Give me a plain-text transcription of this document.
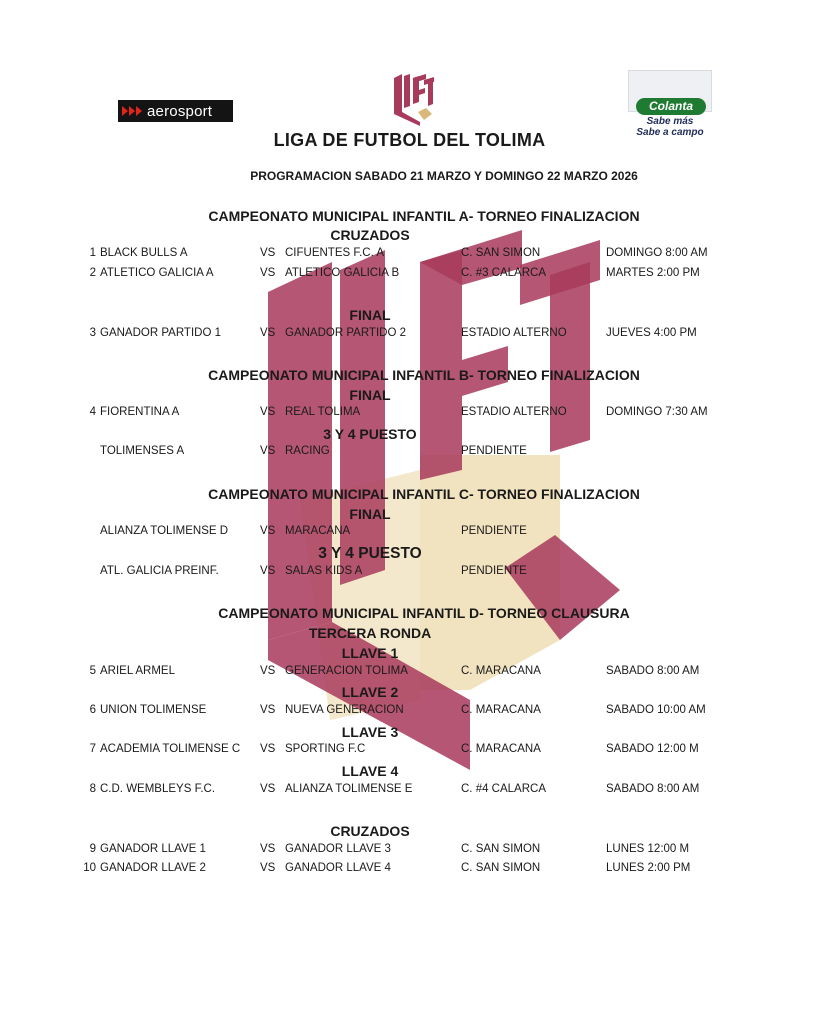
aerosport	Colanta
Sabe más
Sabe a campo
LIGA DE FUTBOL DEL TOLIMA
PROGRAMACION SABADO 21 MARZO Y DOMINGO 22 MARZO 2026
CAMPEONATO MUNICIPAL INFANTIL A- TORNEO FINALIZACION
CRUZADOS
1 BLACK BULLS A	VS CIFUENTES F.C. A	C. SAN SIMON	DOMINGO 8:00 AM
2 ATLETICO GALICIA A	VS ATLETICO GALICIA B	C. #3 CALARCA	MARTES 2:00 PM
FINAL
3 GANADOR PARTIDO 1	VS GANADOR PARTIDO 2	ESTADIO ALTERNO	JUEVES 4:00 PM
CAMPEONATO MUNICIPAL INFANTIL B- TORNEO FINALIZACION
FINAL
4 FIORENTINA A	VS REAL TOLIMA	ESTADIO ALTERNO	DOMINGO 7:30 AM
3 Y 4 PUESTO
TOLIMENSES A	VS RACING	PENDIENTE
CAMPEONATO MUNICIPAL INFANTIL C- TORNEO FINALIZACION
FINAL
ALIANZA TOLIMENSE D	VS MARACANA	PENDIENTE
3 Y 4 PUESTO
ATL. GALICIA PREINF.	VS SALAS KIDS A	PENDIENTE
CAMPEONATO MUNICIPAL INFANTIL D- TORNEO CLAUSURA
TERCERA RONDA
LLAVE 1
5 ARIEL ARMEL	VS GENERACION TOLIMA	C. MARACANA	SABADO 8:00 AM
LLAVE 2
6 UNION TOLIMENSE	VS NUEVA GENERACION	C. MARACANA	SABADO 10:00 AM
LLAVE 3
7 ACADEMIA TOLIMENSE C VS SPORTING F.C	C. MARACANA	SABADO 12:00 M
LLAVE 4
8 C.D. WEMBLEYS F.C.	VS ALIANZA TOLIMENSE E	C. #4 CALARCA	SABADO 8:00 AM
CRUZADOS
9 GANADOR LLAVE 1	VS GANADOR LLAVE 3	C. SAN SIMON	LUNES 12:00 M
10 GANADOR LLAVE 2	VS GANADOR LLAVE 4	C. SAN SIMON	LUNES 2:00 PM
